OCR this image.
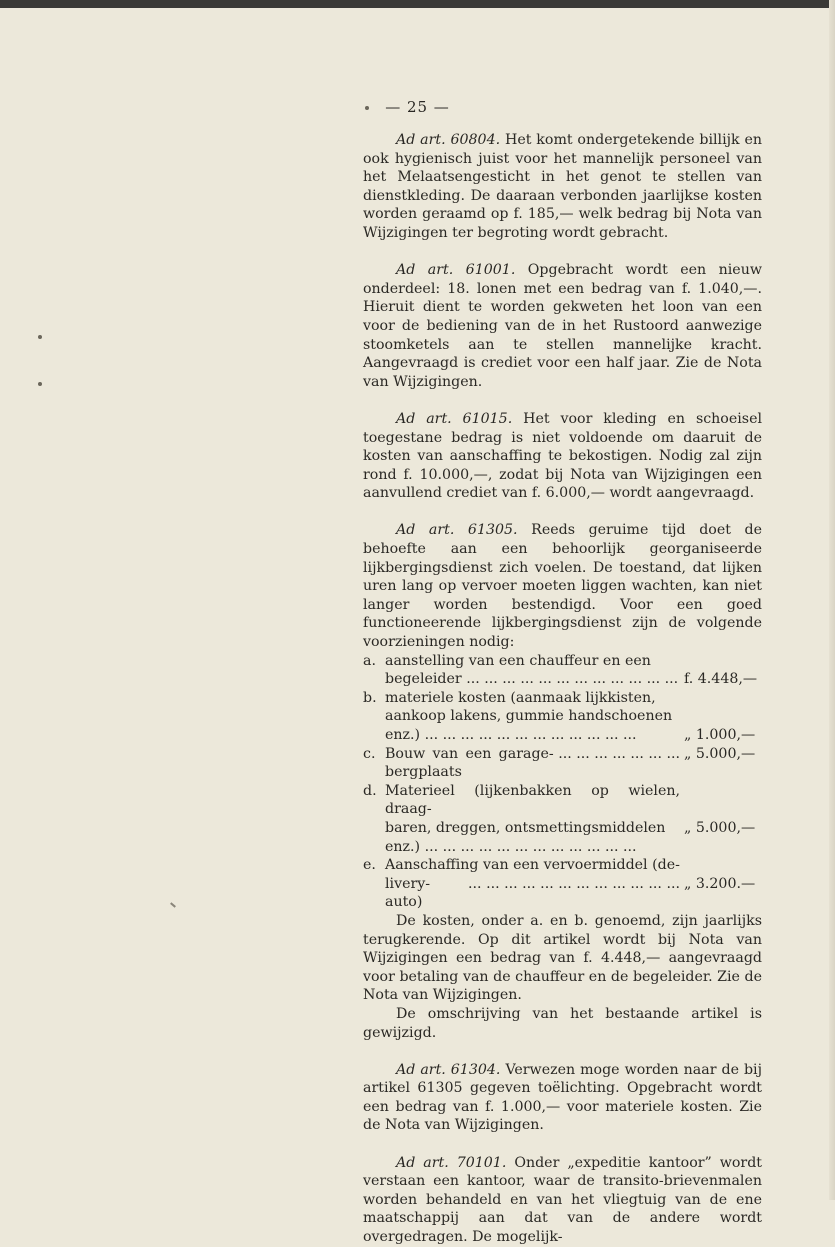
— 25 —

Ad art. 60804. Het komt ondergetekende billijk en ook hygienisch juist voor het mannelijk personeel van het Melaatsengesticht in het genot te stellen van dienstkleding. De daaraan verbonden jaarlijkse kosten worden geraamd op f. 185,— welk bedrag bij Nota van Wijzigingen ter begroting wordt gebracht.

Ad art. 61001. Opgebracht wordt een nieuw onderdeel: 18. lonen met een bedrag van f. 1.040,—. Hieruit dient te worden gekweten het loon van een voor de bediening van de in het Rustoord aanwezige stoomketels aan te stellen mannelijke kracht. Aangevraagd is crediet voor een half jaar. Zie de Nota van Wijzigingen.

Ad art. 61015. Het voor kleding en schoeisel toegestane bedrag is niet voldoende om daaruit de kosten van aanschaffing te bekostigen. Nodig zal zijn rond f. 10.000,—, zodat bij Nota van Wijzigingen een aanvullend crediet van f. 6.000,— wordt aangevraagd.

Ad art. 61305. Reeds geruime tijd doet de behoefte aan een behoorlijk georganiseerde lijkbergingsdienst zich voelen. De toestand, dat lijken uren lang op vervoer moeten liggen wachten, kan niet langer worden bestendigd. Voor een goed functioneerende lijkbergingsdienst zijn de volgende voorzieningen nodig:

a. aanstelling van een chauffeur en een
begeleider ... ... ... ... ... ... ... ... ... ... ... ...
f. 4.448,—
b. materiele kosten (aanmaak lijkkisten,
aankoop lakens, gummie handschoenen
enz.) ... ... ... ... ... ... ... ... ... ... ... ...

	„ 1.000,—
c. Bouw van een garage-bergplaats
... ... ... ... ... ... ... „ 5.000,—
d. Materieel (lijkenbakken op wielen, draag-
baren, dreggen, ontsmettingsmiddelen
enz.) ... ... ... ... ... ... ... ... ... ... ... ...

„ 5.000,—
e. Aanschaffing van een vervoermiddel (de-
livery-auto)
... ... ... ... ... ... ... ... ... ... ... ...
„ 3.200.—

De kosten, onder a. en b. genoemd, zijn jaarlijks terugkerende. Op dit artikel wordt bij Nota van Wijzigingen een bedrag van f. 4.448,— aangevraagd voor betaling van de chauffeur en de begeleider. Zie de Nota van Wijzigingen.

De omschrijving van het bestaande artikel is gewijzigd.

Ad art. 61304. Verwezen moge worden naar de bij artikel 61305 gegeven toëlichting. Opgebracht wordt een bedrag van f. 1.000,— voor materiele kosten. Zie de Nota van Wijzigingen.

Ad art. 70101. Onder „expeditie kantoor” wordt verstaan een kantoor, waar de transito-brievenmalen worden behandeld en van het vliegtuig van de ene maatschappij aan dat van de andere wordt overgedragen. De mogelijk-
